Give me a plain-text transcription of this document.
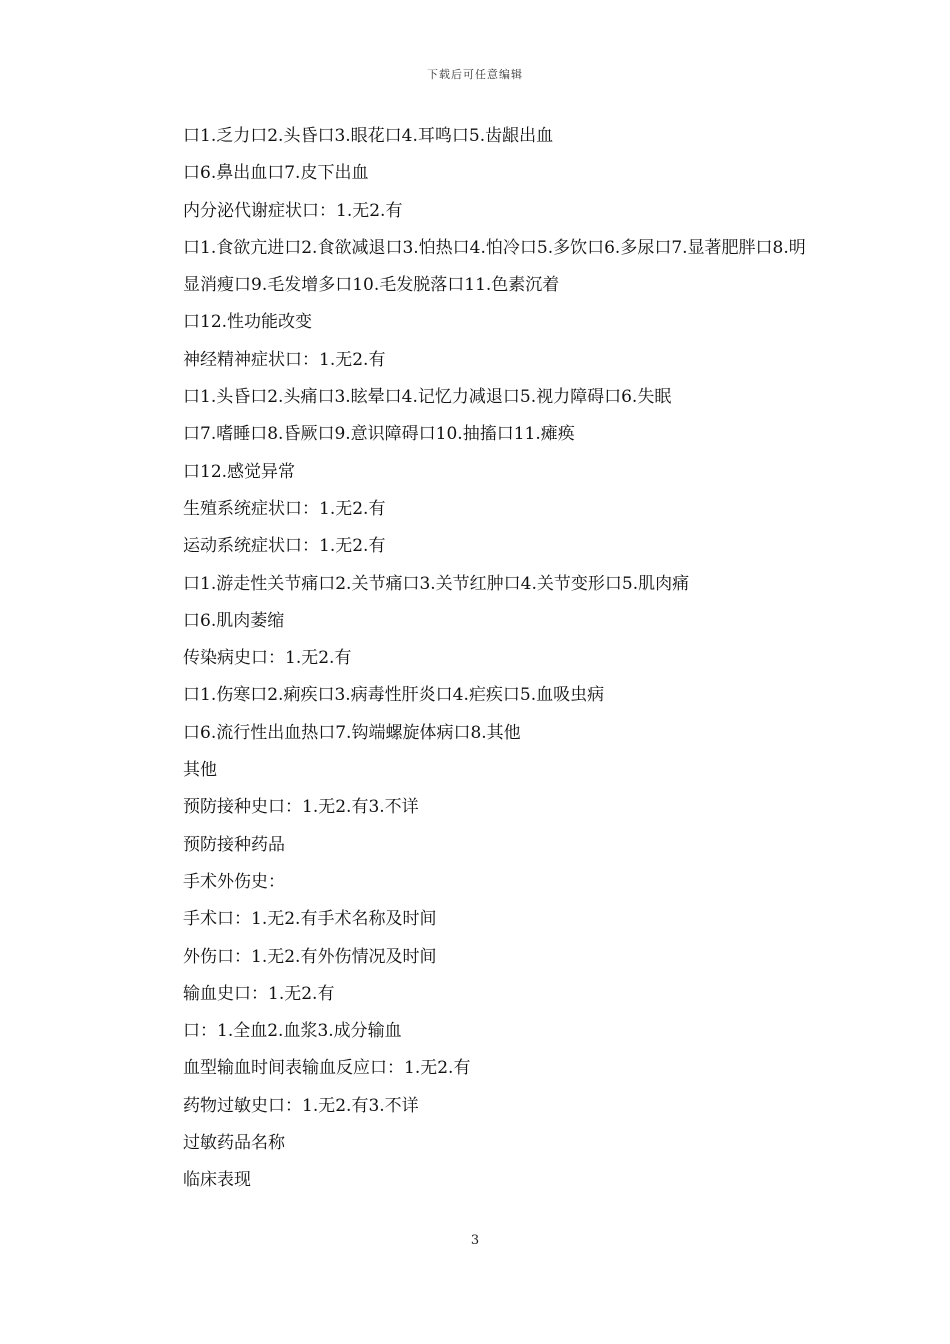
下载后可任意编辑
口1.乏力口2.头昏口3.眼花口4.耳鸣口5.齿龈出血
口6.鼻出血口7.皮下出血
内分泌代谢症状口：1.无2.有
口1.食欲亢进口2.食欲减退口3.怕热口4.怕冷口5.多饮口6.多尿口7.显著肥胖口8.明显消瘦口9.毛发增多口10.毛发脱落口11.色素沉着
口12.性功能改变
神经精神症状口：1.无2.有
口1.头昏口2.头痛口3.眩晕口4.记忆力减退口5.视力障碍口6.失眠
口7.嗜睡口8.昏厥口9.意识障碍口10.抽搐口11.瘫痪
口12.感觉异常
生殖系统症状口：1.无2.有
运动系统症状口：1.无2.有
口1.游走性关节痛口2.关节痛口3.关节红肿口4.关节变形口5.肌肉痛
口6.肌肉萎缩
传染病史口：1.无2.有
口1.伤寒口2.痢疾口3.病毒性肝炎口4.疟疾口5.血吸虫病
口6.流行性出血热口7.钩端螺旋体病口8.其他
其他
预防接种史口：1.无2.有3.不详
预防接种药品
手术外伤史：
手术口：1.无2.有手术名称及时间
外伤口：1.无2.有外伤情况及时间
输血史口：1.无2.有
口：1.全血2.血浆3.成分输血
血型输血时间表输血反应口：1.无2.有
药物过敏史口：1.无2.有3.不详
过敏药品名称
临床表现
3
